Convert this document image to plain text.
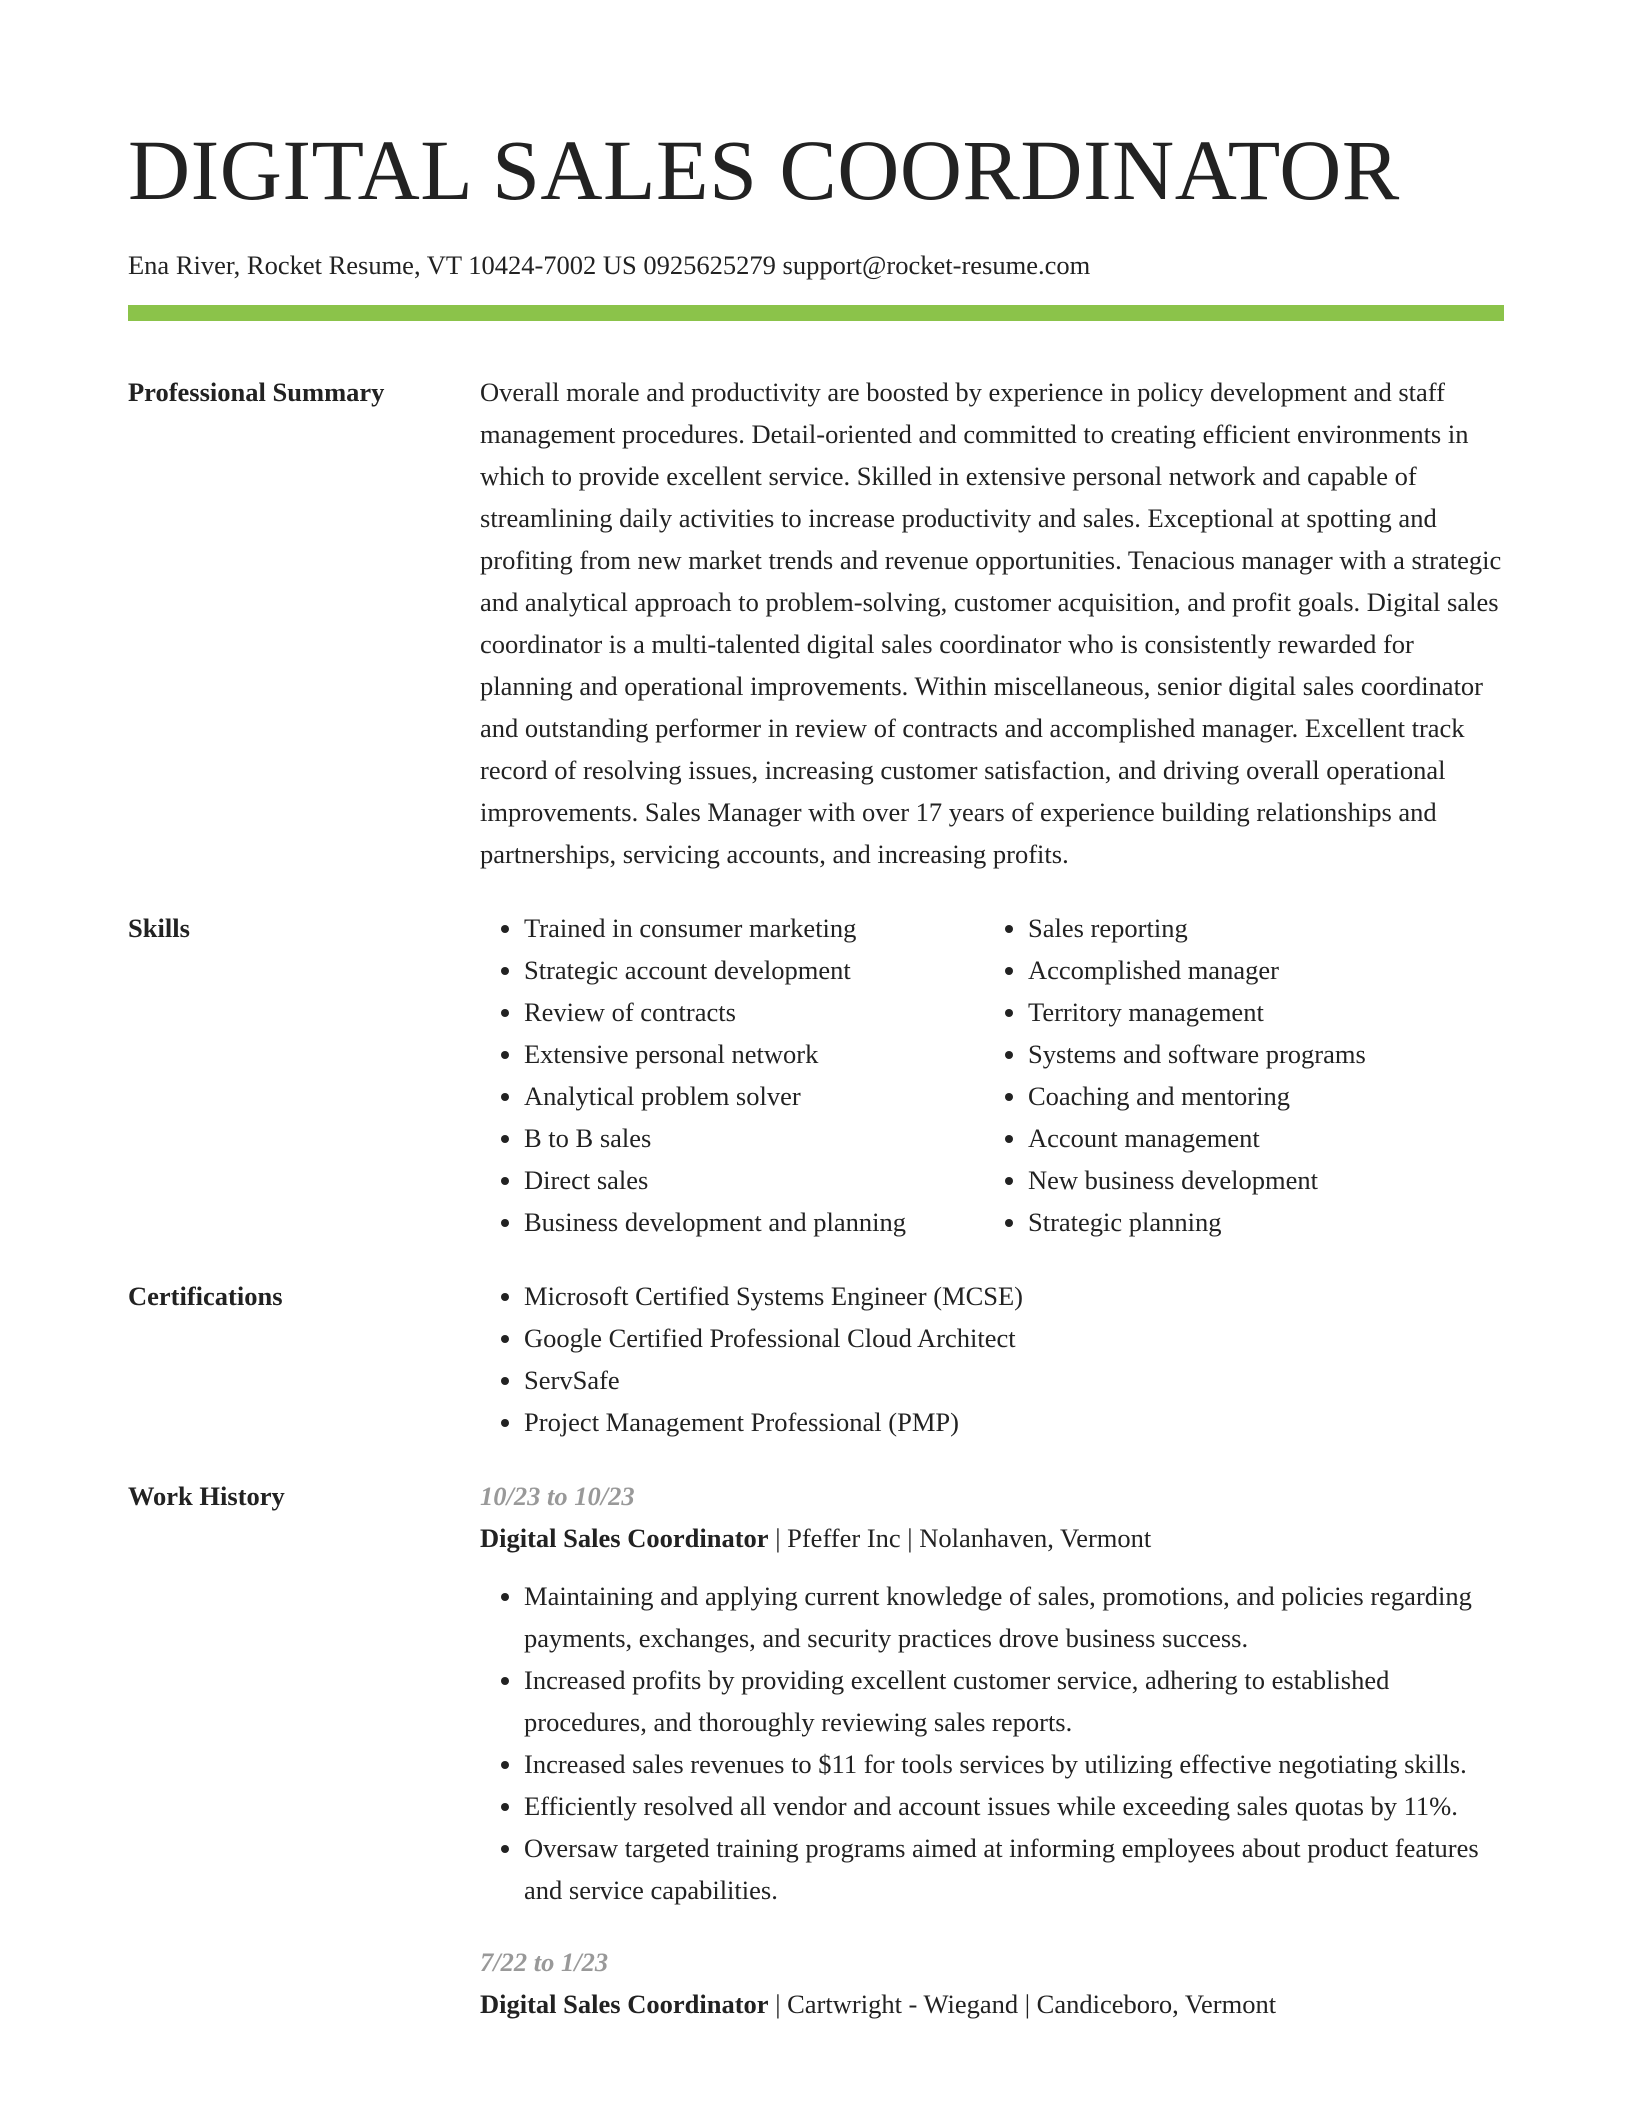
DIGITAL SALES COORDINATOR
Ena River, Rocket Resume, VT 10424-7002 US 0925625279 support@rocket-resume.com
Professional Summary	Overall morale and productivity are boosted by experience in policy development and staff management procedures. Detail-oriented and committed to creating efficient environments in which to provide excellent service. Skilled in extensive personal network and capable of streamlining daily activities to increase productivity and sales. Exceptional at spotting and profiting from new market trends and revenue opportunities. Tenacious manager with a strategic and analytical approach to problem-solving, customer acquisition, and profit goals. Digital sales coordinator is a multi-talented digital sales coordinator who is consistently rewarded for planning and operational improvements. Within miscellaneous, senior digital sales coordinator and outstanding performer in review of contracts and accomplished manager. Excellent track record of resolving issues, increasing customer satisfaction, and driving overall operational improvements. Sales Manager with over 17 years of experience building relationships and partnerships, servicing accounts, and increasing profits.

Skills	• Trained in consumer marketing
• Strategic account development
• Review of contracts
• Extensive personal network
• Analytical problem solver
• B to B sales
• Direct sales
• Business development and planning
• Sales reporting
• Accomplished manager
• Territory management
• Systems and software programs
• Coaching and mentoring
• Account management
• New business development
• Strategic planning
Certifications	• Microsoft Certified Systems Engineer (MCSE)
• Google Certified Professional Cloud Architect
• ServSafe
• Project Management Professional (PMP)
Work History	10/23 to 10/23
Digital Sales Coordinator | Pfeffer Inc | Nolanhaven, Vermont
• Maintaining and applying current knowledge of sales, promotions, and policies regarding payments, exchanges, and security practices drove business success.
• Increased profits by providing excellent customer service, adhering to established procedures, and thoroughly reviewing sales reports.
• Increased sales revenues to $11 for tools services by utilizing effective negotiating skills.
• Efficiently resolved all vendor and account issues while exceeding sales quotas by 11%.
• Oversaw targeted training programs aimed at informing employees about product features and service capabilities.
7/22 to 1/23
Digital Sales Coordinator | Cartwright - Wiegand | Candiceboro, Vermont
